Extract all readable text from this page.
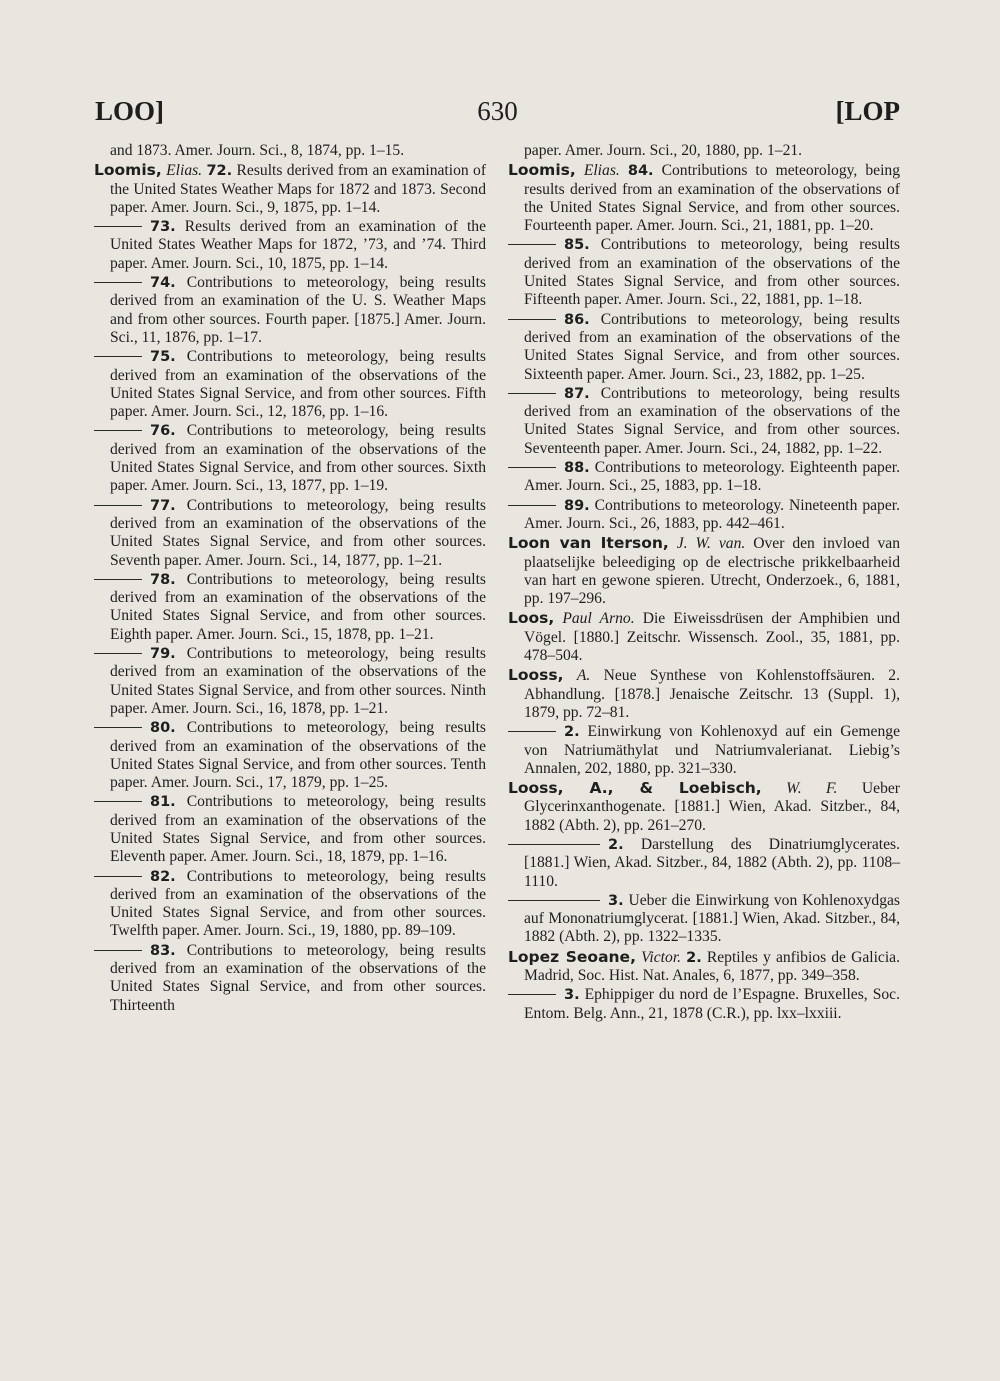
LOO]	630	[LOP
and 1873. Amer. Journ. Sci., 8, 1874, pp. 1–15.
Loomis, Elias. 72. Results derived from an examination of the United States Weather Maps for 1872 and 1873. Second paper. Amer. Journ. Sci., 9, 1875, pp. 1–14.
73. Results derived from an examination of the United States Weather Maps for 1872, ’73, and ’74. Third paper. Amer. Journ. Sci., 10, 1875, pp. 1–14.
74. Contributions to meteorology, being results derived from an examination of the U. S. Weather Maps and from other sources. Fourth paper. [1875.] Amer. Journ. Sci., 11, 1876, pp. 1–17.
75. Contributions to meteorology, being results derived from an examination of the observations of the United States Signal Service, and from other sources. Fifth paper. Amer. Journ. Sci., 12, 1876, pp. 1–16.
76. Contributions to meteorology, being results derived from an examination of the observations of the United States Signal Service, and from other sources. Sixth paper. Amer. Journ. Sci., 13, 1877, pp. 1–19.
77. Contributions to meteorology, being results derived from an examination of the observations of the United States Signal Service, and from other sources. Seventh paper. Amer. Journ. Sci., 14, 1877, pp. 1–21.
78. Contributions to meteorology, being results derived from an examination of the observations of the United States Signal Service, and from other sources. Eighth paper. Amer. Journ. Sci., 15, 1878, pp. 1–21.
79. Contributions to meteorology, being results derived from an examination of the observations of the United States Signal Service, and from other sources. Ninth paper. Amer. Journ. Sci., 16, 1878, pp. 1–21.
80. Contributions to meteorology, being results derived from an examination of the observations of the United States Signal Service, and from other sources. Tenth paper. Amer. Journ. Sci., 17, 1879, pp. 1–25.
81. Contributions to meteorology, being results derived from an examination of the observations of the United States Signal Service, and from other sources. Eleventh paper. Amer. Journ. Sci., 18, 1879, pp. 1–16.
82. Contributions to meteorology, being results derived from an examination of the observations of the United States Signal Service, and from other sources. Twelfth paper. Amer. Journ. Sci., 19, 1880, pp. 89–109.
83. Contributions to meteorology, being results derived from an examination of the observations of the United States Signal Service, and from other sources. Thirteenth
paper. Amer. Journ. Sci., 20, 1880, pp. 1–21.
Loomis, Elias. 84. Contributions to meteorology, being results derived from an examination of the observations of the United States Signal Service, and from other sources. Fourteenth paper. Amer. Journ. Sci., 21, 1881, pp. 1–20.
85. Contributions to meteorology, being results derived from an examination of the observations of the United States Signal Service, and from other sources. Fifteenth paper. Amer. Journ. Sci., 22, 1881, pp. 1–18.
86. Contributions to meteorology, being results derived from an examination of the observations of the United States Signal Service, and from other sources. Sixteenth paper. Amer. Journ. Sci., 23, 1882, pp. 1–25.
87. Contributions to meteorology, being results derived from an examination of the observations of the United States Signal Service, and from other sources. Seventeenth paper. Amer. Journ. Sci., 24, 1882, pp. 1–22.
88. Contributions to meteorology. Eighteenth paper. Amer. Journ. Sci., 25, 1883, pp. 1–18.
89. Contributions to meteorology. Nineteenth paper. Amer. Journ. Sci., 26, 1883, pp. 442–461.
Loon van Iterson, J. W. van. Over den invloed van plaatselijke beleediging op de electrische prikkelbaarheid van hart en gewone spieren. Utrecht, Onderzoek., 6, 1881, pp. 197–296.
Loos, Paul Arno. Die Eiweissdrüsen der Amphibien und Vögel. [1880.] Zeitschr. Wissensch. Zool., 35, 1881, pp. 478–504.
Looss, A. Neue Synthese von Kohlenstoffsäuren. 2. Abhandlung. [1878.] Jenaische Zeitschr. 13 (Suppl. 1), 1879, pp. 72–81.
2. Einwirkung von Kohlenoxyd auf ein Gemenge von Natriumäthylat und Natriumvalerianat. Liebig’s Annalen, 202, 1880, pp. 321–330.
Looss, A., & Loebisch, W. F. Ueber Glycerinxanthogenate. [1881.] Wien, Akad. Sitzber., 84, 1882 (Abth. 2), pp. 261–270.
2. Darstellung des Dinatriumglycerates. [1881.] Wien, Akad. Sitzber., 84, 1882 (Abth. 2), pp. 1108–1110.
3. Ueber die Einwirkung von Kohlenoxydgas auf Mononatriumglycerat. [1881.] Wien, Akad. Sitzber., 84, 1882 (Abth. 2), pp. 1322–1335.
Lopez Seoane, Victor. 2. Reptiles y anfibios de Galicia. Madrid, Soc. Hist. Nat. Anales, 6, 1877, pp. 349–358.
3. Ephippiger du nord de l’Espagne. Bruxelles, Soc. Entom. Belg. Ann., 21, 1878 (C.R.), pp. lxx–lxxiii.
